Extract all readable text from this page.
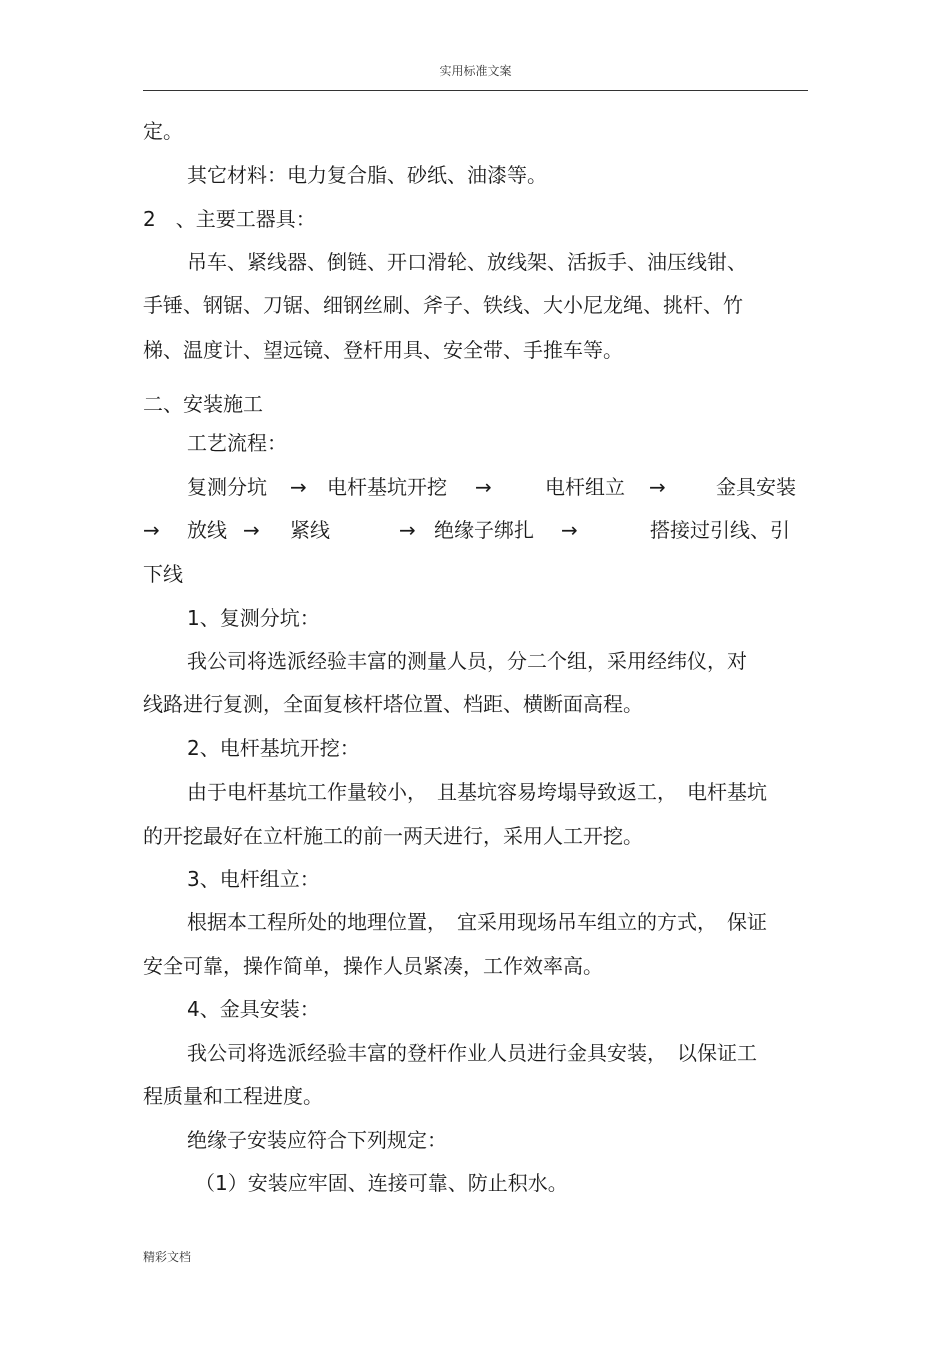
实用标准文案
定。
其它材料：电力复合脂、砂纸、油漆等。
2　、主要工器具：
吊车、紧线器、倒链、开口滑轮、放线架、活扳手、油压线钳、
手锤、钢锯、刀锯、细钢丝刷、斧子、铁线、大小尼龙绳、挑杆、竹
梯、温度计、望远镜、登杆用具、安全带、手推车等。
二、安装施工
工艺流程：
复测分坑 → 电杆基坑开挖 →	电杆组立 →	金具安装
→ 放线 → 紧线	→ 绝缘子绑扎 →	搭接过引线、引
下线
1、复测分坑：
我公司将选派经验丰富的测量人员，分二个组，采用经纬仪，对
线路进行复测，全面复核杆塔位置、档距、横断面高程。
2、电杆基坑开挖：
由于电杆基坑工作量较小，　且基坑容易垮塌导致返工，　电杆基坑
的开挖最好在立杆施工的前一两天进行，采用人工开挖。
3、电杆组立：
根据本工程所处的地理位置，　宜采用现场吊车组立的方式，　保证
安全可靠，操作简单，操作人员紧凑，工作效率高。
4、金具安装：
我公司将选派经验丰富的登杆作业人员进行金具安装，　以保证工
程质量和工程进度。
绝缘子安装应符合下列规定：
（1）安装应牢固、连接可靠、防止积水。
精彩文档
